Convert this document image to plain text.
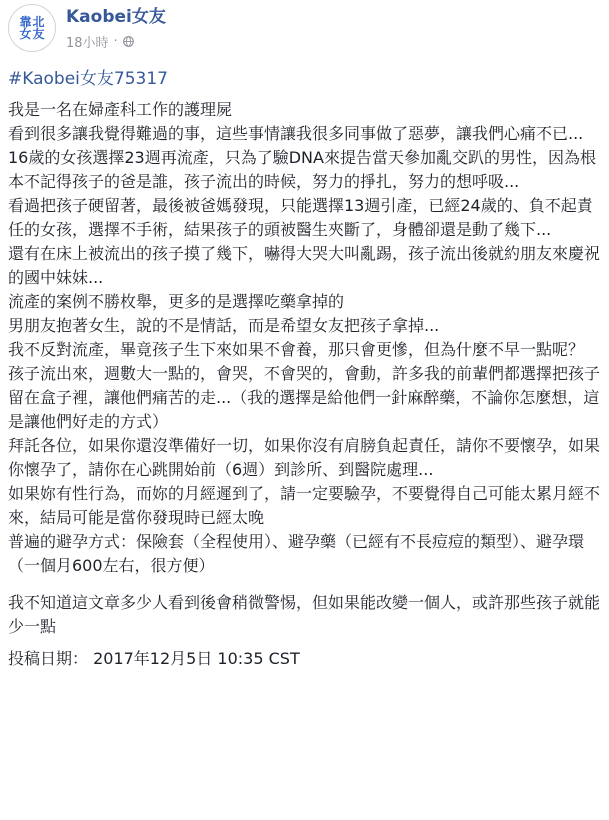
靠 北
女 友
Kaobei女友
18小時 ·
#Kaobei女友75317

我是一名在婦產科工作的護理屍

看到很多讓我覺得難過的事，這些事情讓我很多同事做了惡夢，讓我們心痛不已...

16歲的女孩選擇23週再流產，只為了驗DNA來提告當天參加亂交趴的男性，因為根本不記得孩子的爸是誰，孩子流出的時候，努力的掙扎，努力的想呼吸...

看過把孩子硬留著，最後被爸媽發現，只能選擇13週引產，已經24歲的、負不起責任的女孩，選擇不手術，結果孩子的頭被醫生夾斷了，身體卻還是動了幾下...

還有在床上被流出的孩子摸了幾下，嚇得大哭大叫亂踢，孩子流出後就約朋友來慶祝的國中妹妹...

流產的案例不勝枚舉，更多的是選擇吃藥拿掉的

男朋友抱著女生，說的不是情話，而是希望女友把孩子拿掉...

我不反對流產，畢竟孩子生下來如果不會養，那只會更慘，但為什麼不早一點呢？

孩子流出來，週數大一點的，會哭，不會哭的，會動，許多我的前輩們都選擇把孩子留在盒子裡，讓他們痛苦的走...（我的選擇是給他們一針麻醉藥，不論你怎麼想，這是讓他們好走的方式）

拜託各位，如果你還沒準備好一切，如果你沒有肩膀負起責任，請你不要懷孕，如果你懷孕了，請你在心跳開始前（6週）到診所、到醫院處理...

如果妳有性行為，而妳的月經遲到了，請一定要驗孕，不要覺得自己可能太累月經不來，結局可能是當你發現時已經太晚

普遍的避孕方式：保險套（全程使用）、避孕藥（已經有不長痘痘的類型）、避孕環（一個月600左右，很方便）

我不知道這文章多少人看到後會稍微警惕，但如果能改變一個人，或許那些孩子就能少一點

投稿日期： 2017年12月5日 10:35 CST
